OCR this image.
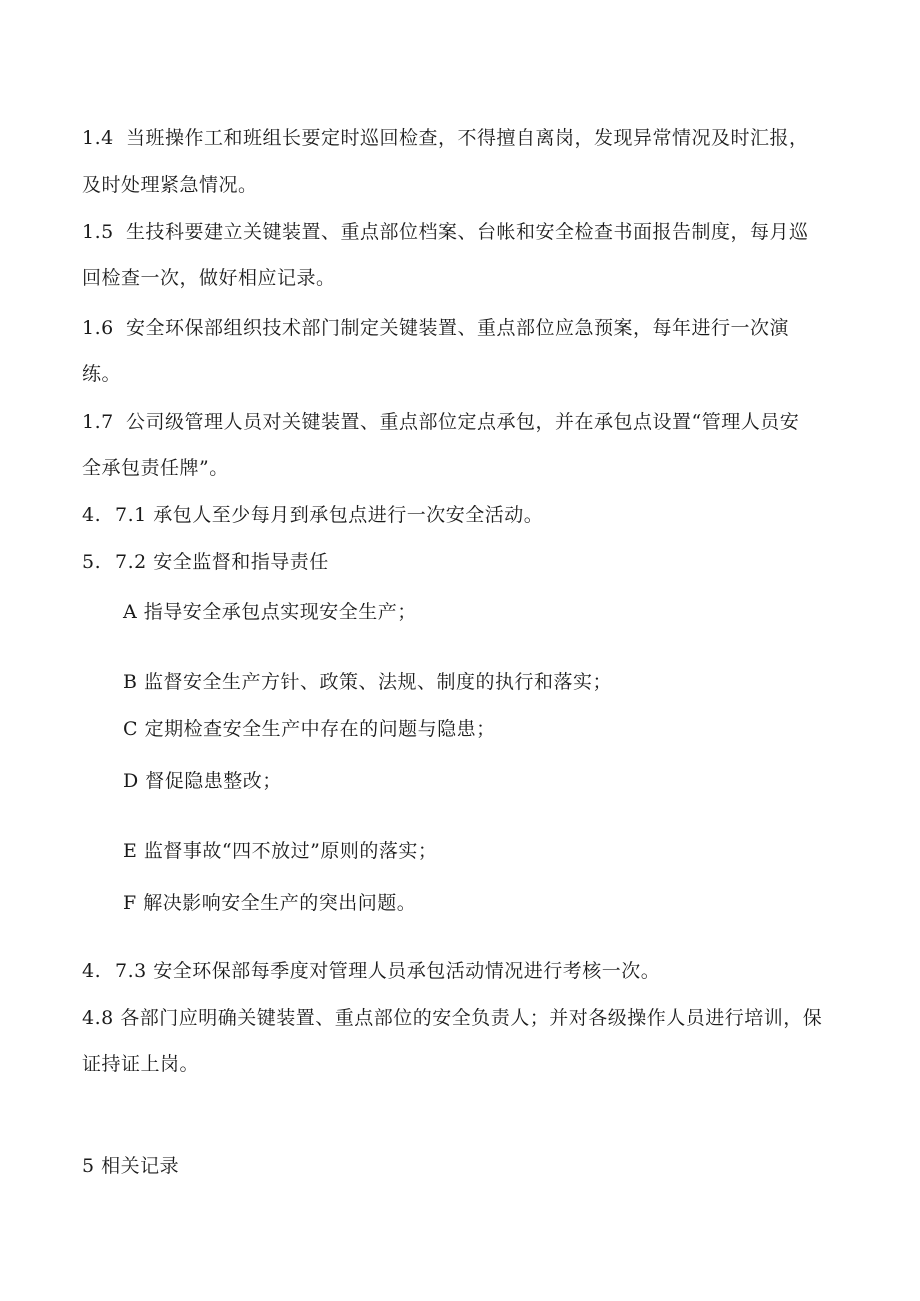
1.4 当班操作工和班组长要定时巡回检查，不得擅自离岗，发现异常情况及时汇报，
及时处理紧急情况。
1.5 生技科要建立关键装置、重点部位档案、台帐和安全检查书面报告制度，每月巡
回检查一次，做好相应记录。
1.6 安全环保部组织技术部门制定关键装置、重点部位应急预案，每年进行一次演
练。
1.7 公司级管理人员对关键装置、重点部位定点承包，并在承包点设置“管理人员安
全承包责任牌”。
4. 7.1 承包人至少每月到承包点进行一次安全活动。
5. 7.2 安全监督和指导责任
A 指导安全承包点实现安全生产；
B 监督安全生产方针、政策、法规、制度的执行和落实；
C 定期检查安全生产中存在的问题与隐患；
D 督促隐患整改；
E 监督事故“四不放过”原则的落实；
F 解决影响安全生产的突出问题。
4. 7.3 安全环保部每季度对管理人员承包活动情况进行考核一次。
4.8 各部门应明确关键装置、重点部位的安全负责人；并对各级操作人员进行培训，保
证持证上岗。
5 相关记录
